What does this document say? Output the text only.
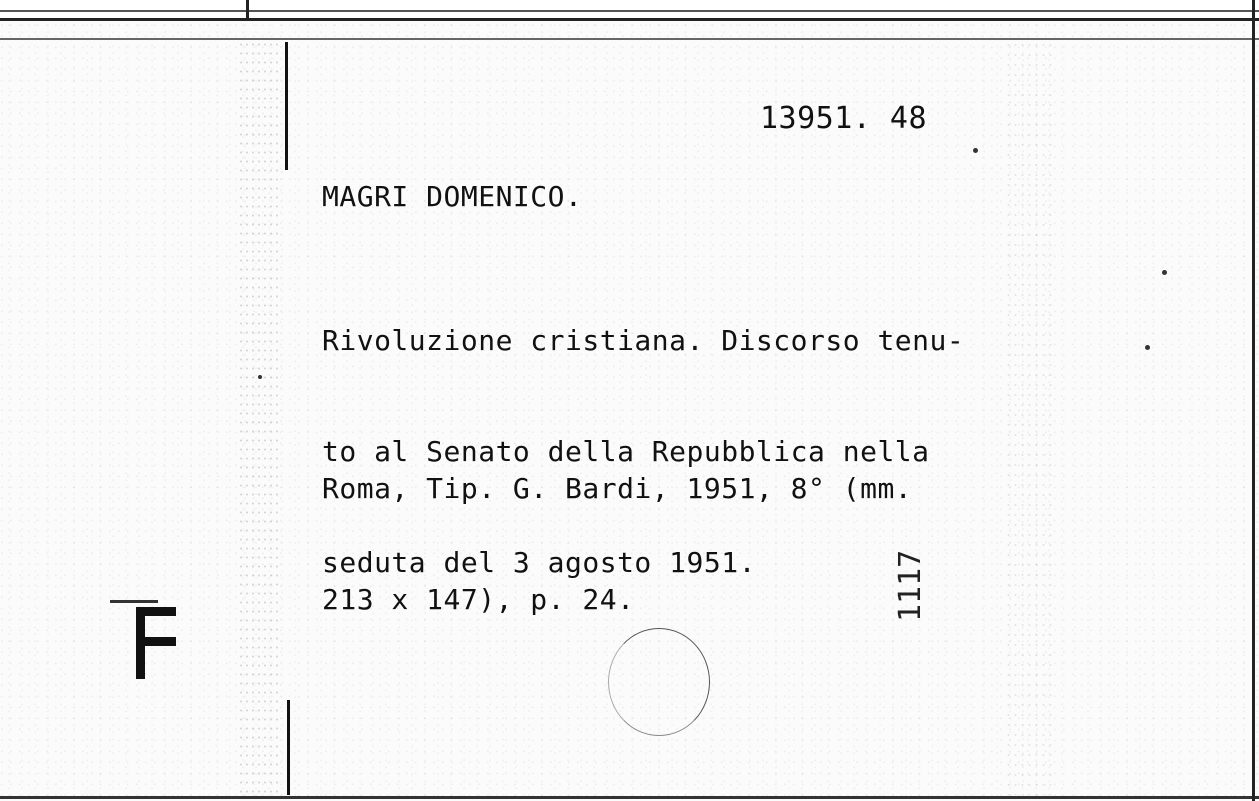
13951. 48
MAGRI DOMENICO.

Rivoluzione cristiana. Discorso tenu-

to al Senato della Repubblica nella

seduta del 3 agosto 1951.

Roma, Tip. G. Bardi, 1951, 8° (mm.

213 x 147), p. 24.	1117
